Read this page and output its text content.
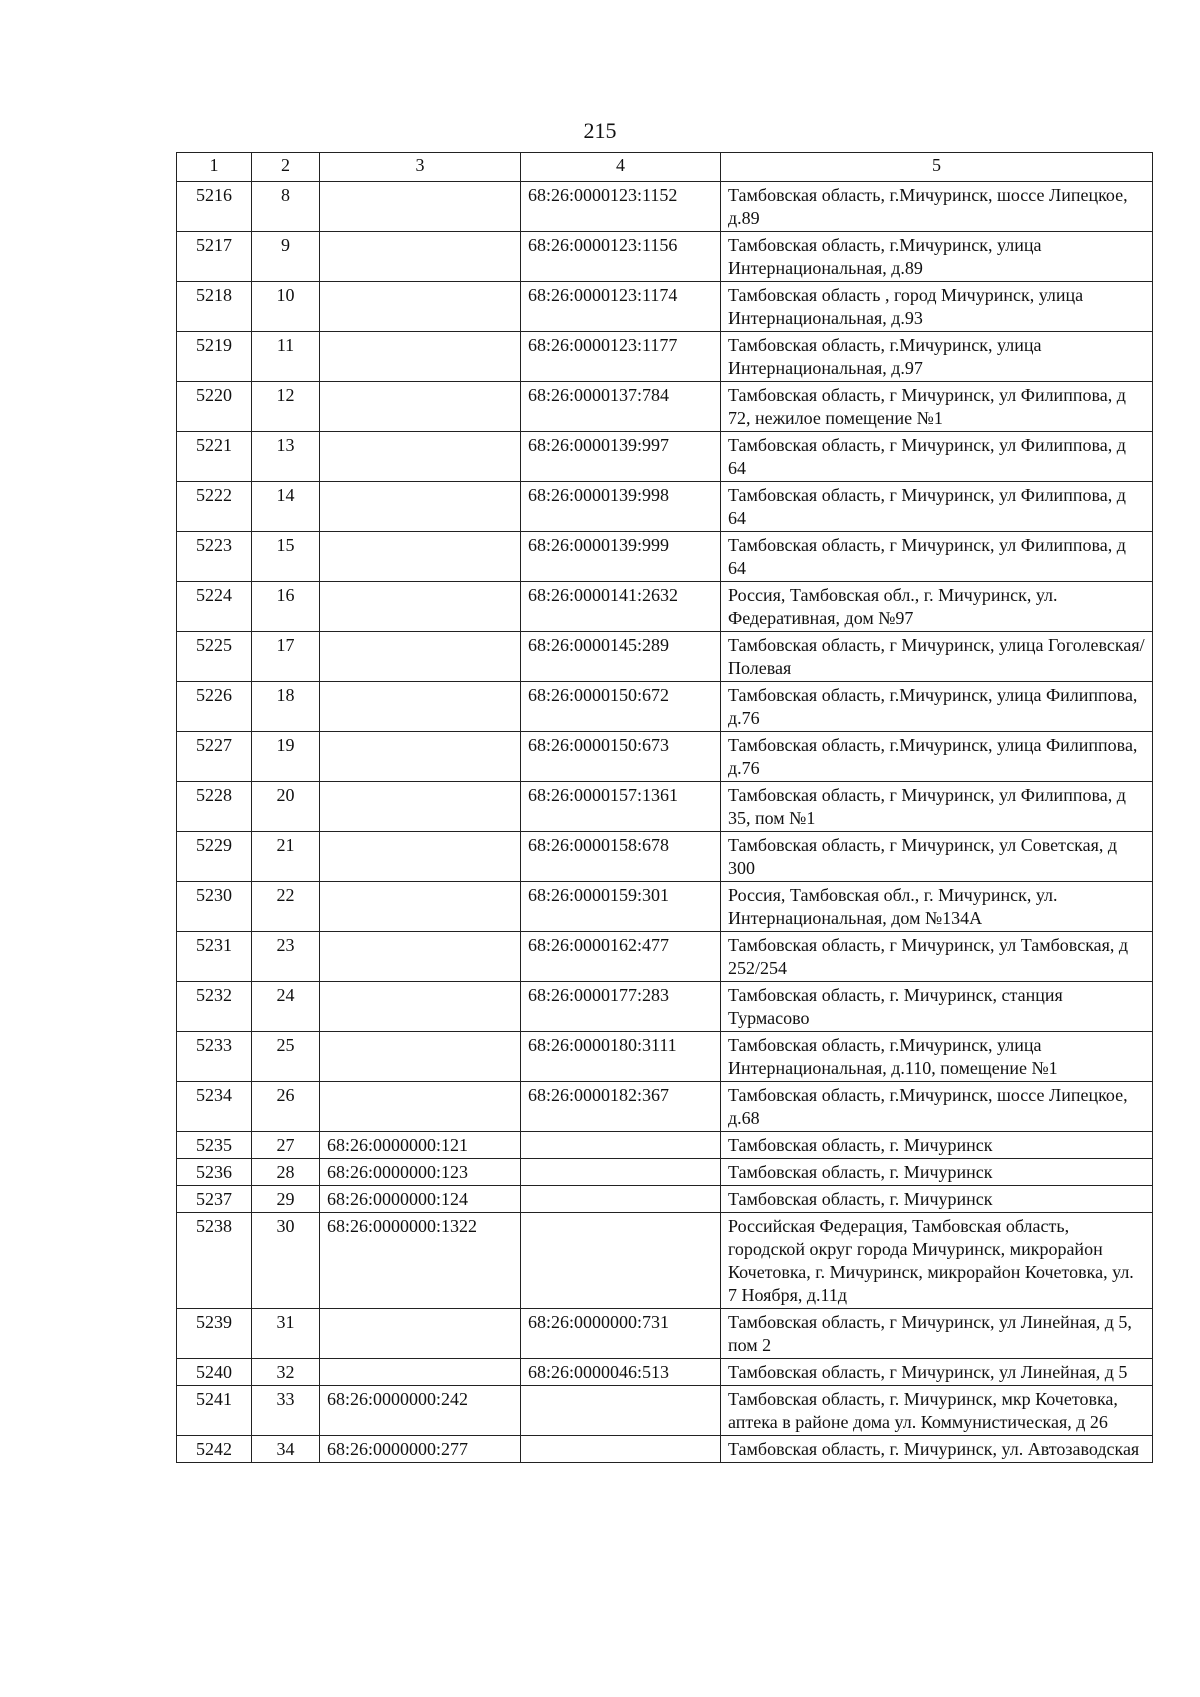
215
1	2	3	4	5
5216	8		68:26:0000123:1152	Тамбовская область, г.Мичуринск, шоссе Липецкое, д.89
5217	9		68:26:0000123:1156	Тамбовская область, г.Мичуринск, улица Интернациональная, д.89
5218	10		68:26:0000123:1174	Тамбовская область , город Мичуринск, улица Интернациональная, д.93
5219	11		68:26:0000123:1177	Тамбовская область, г.Мичуринск, улица Интернациональная, д.97
5220	12		68:26:0000137:784	Тамбовская область, г Мичуринск, ул Филиппова, д 72, нежилое помещение №1
5221	13		68:26:0000139:997	Тамбовская область, г Мичуринск, ул Филиппова, д 64
5222	14		68:26:0000139:998	Тамбовская область, г Мичуринск, ул Филиппова, д 64
5223	15		68:26:0000139:999	Тамбовская область, г Мичуринск, ул Филиппова, д 64
5224	16		68:26:0000141:2632	Россия, Тамбовская обл., г. Мичуринск, ул. Федеративная, дом №97
5225	17		68:26:0000145:289	Тамбовская область, г Мичуринск, улица Гоголевская/Полевая
5226	18		68:26:0000150:672	Тамбовская область, г.Мичуринск, улица Филиппова, д.76
5227	19		68:26:0000150:673	Тамбовская область, г.Мичуринск, улица Филиппова, д.76
5228	20		68:26:0000157:1361	Тамбовская область, г Мичуринск, ул Филиппова, д 35, пом №1
5229	21		68:26:0000158:678	Тамбовская область, г Мичуринск, ул Советская, д 300
5230	22		68:26:0000159:301	Россия, Тамбовская обл., г. Мичуринск, ул. Интернациональная, дом №134А
5231	23		68:26:0000162:477	Тамбовская область, г Мичуринск, ул Тамбовская, д 252/254
5232	24		68:26:0000177:283	Тамбовская область, г. Мичуринск, станция Турмасово
5233	25		68:26:0000180:3111	Тамбовская область, г.Мичуринск, улица Интернациональная, д.110, помещение №1
5234	26		68:26:0000182:367	Тамбовская область, г.Мичуринск, шоссе Липецкое, д.68
5235	27	68:26:0000000:121		Тамбовская область, г. Мичуринск
5236	28	68:26:0000000:123		Тамбовская область, г. Мичуринск
5237	29	68:26:0000000:124		Тамбовская область, г. Мичуринск
5238	30	68:26:0000000:1322		Российская Федерация, Тамбовская область, городской округ города Мичуринск, микрорайон Кочетовка, г. Мичуринск, микрорайон Кочетовка, ул. 7 Ноября, д.11д
5239	31		68:26:0000000:731	Тамбовская область, г Мичуринск, ул Линейная, д 5, пом 2
5240	32		68:26:0000046:513	Тамбовская область, г Мичуринск, ул Линейная, д 5
5241	33	68:26:0000000:242		Тамбовская область, г. Мичуринск, мкр Кочетовка, аптека в районе дома ул. Коммунистическая, д 26
5242	34	68:26:0000000:277		Тамбовская область, г. Мичуринск, ул. Автозаводская
